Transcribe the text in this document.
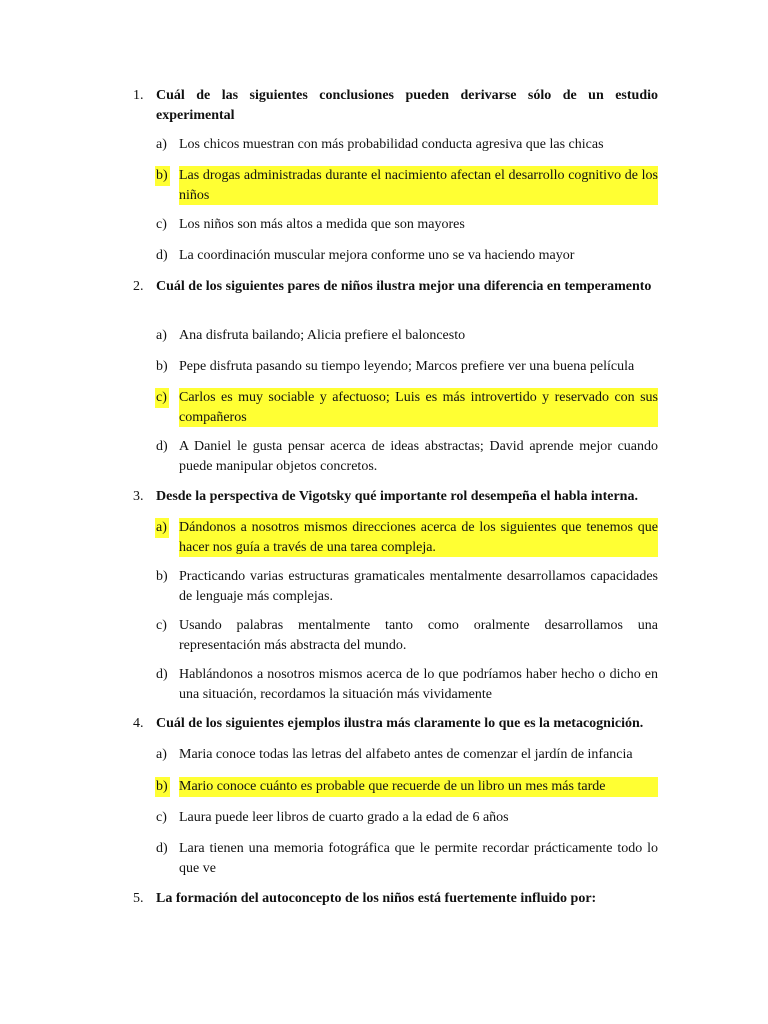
1. Cuál de las siguientes conclusiones pueden derivarse sólo de un estudio experimental
a) Los chicos muestran con más probabilidad conducta agresiva que las chicas
b) Las drogas administradas durante el nacimiento afectan el desarrollo cognitivo de los niños
c) Los niños son más altos a medida que son mayores
d) La coordinación muscular mejora conforme uno se va haciendo mayor
2. Cuál de los siguientes pares de niños ilustra mejor una diferencia en temperamento
a) Ana disfruta bailando; Alicia prefiere el baloncesto
b) Pepe disfruta pasando su tiempo leyendo; Marcos prefiere ver una buena película
c) Carlos es muy sociable y afectuoso; Luis es más introvertido y reservado con sus compañeros
d) A Daniel le gusta pensar acerca de ideas abstractas; David aprende mejor cuando puede manipular objetos concretos.
3. Desde la perspectiva de Vigotsky qué importante rol desempeña el habla interna.
a) Dándonos a nosotros mismos direcciones acerca de los siguientes que tenemos que hacer nos guía a través de una tarea compleja.
b) Practicando varias estructuras gramaticales mentalmente desarrollamos capacidades de lenguaje más complejas.
c) Usando palabras mentalmente tanto como oralmente desarrollamos una representación más abstracta del mundo.
d) Hablándonos a nosotros mismos acerca de lo que podríamos haber hecho o dicho en una situación, recordamos la situación más vividamente
4. Cuál de los siguientes ejemplos ilustra más claramente lo que es la metacognición.
a) Maria conoce todas las letras del alfabeto antes de comenzar el jardín de infancia
b) Mario conoce cuánto es probable que recuerde de un libro un mes más tarde
c) Laura puede leer libros de cuarto grado a la edad de 6 años
d) Lara tienen una memoria fotográfica que le permite recordar prácticamente todo lo que ve
5. La formación del autoconcepto de los niños está fuertemente influido por:
